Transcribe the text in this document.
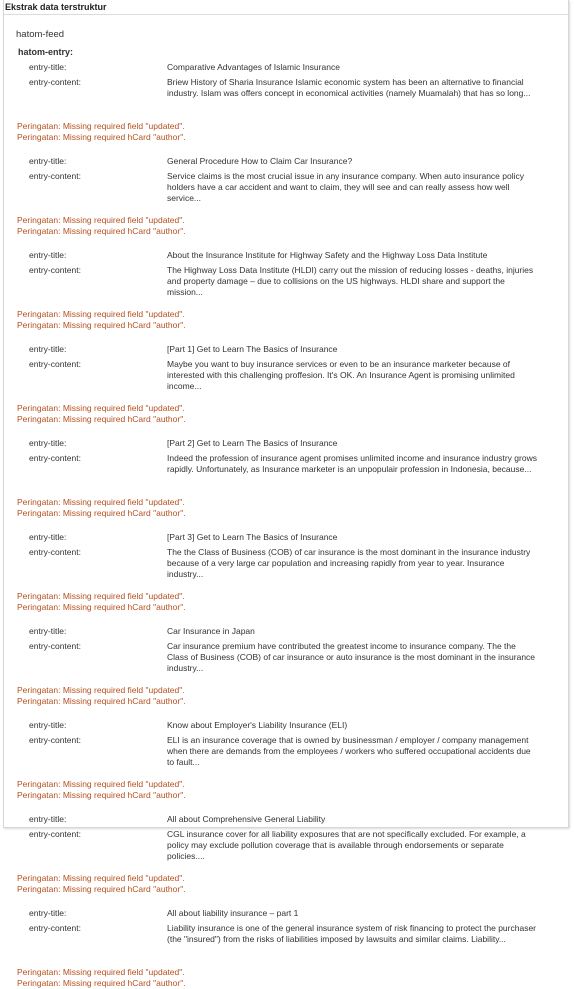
Ekstrak data terstruktur
hatom-feed
hatom-entry:
entry-title:	Comparative Advantages of Islamic Insurance
entry-content:	Briew History of Sharia Insurance Islamic economic system has been an alternative to financial industry. Islam was offers concept in economical activities (namely Muamalah) that has so long...
Peringatan: Missing required field "updated".
Peringatan: Missing required hCard "author".
entry-title:	General Procedure How to Claim Car Insurance?
entry-content:	Service claims is the most crucial issue in any insurance company. When auto insurance policy holders have a car accident and want to claim, they will see and can really assess how well service...
Peringatan: Missing required field "updated".
Peringatan: Missing required hCard "author".
entry-title:	About the Insurance Institute for Highway Safety and the Highway Loss Data Institute
entry-content:	The Highway Loss Data Institute (HLDI) carry out the mission of reducing losses - deaths, injuries and property damage – due to collisions on the US highways. HLDI share and support the mission...
Peringatan: Missing required field "updated".
Peringatan: Missing required hCard "author".
entry-title:	[Part 1] Get to Learn The Basics of Insurance
entry-content:	Maybe you want to buy insurance services or even to be an insurance marketer because of interested with this challenging proffesion. It's OK. An Insurance Agent is promising unlimited income...
Peringatan: Missing required field "updated".
Peringatan: Missing required hCard "author".
entry-title:	[Part 2] Get to Learn The Basics of Insurance
entry-content:	Indeed the profession of insurance agent promises unlimited income and insurance industry grows rapidly. Unfortunately, as Insurance marketer is an unpopulair profession in Indonesia, because...
Peringatan: Missing required field "updated".
Peringatan: Missing required hCard "author".
entry-title:	[Part 3] Get to Learn The Basics of Insurance
entry-content:	The the Class of Business (COB) of car insurance is the most dominant in the insurance industry because of a very large car population and increasing rapidly from year to year. Insurance industry...
Peringatan: Missing required field "updated".
Peringatan: Missing required hCard "author".
entry-title:	Car Insurance in Japan
entry-content:	Car insurance premium have contributed the greatest income to insurance company. The the Class of Business (COB) of car insurance or auto insurance is the most dominant in the insurance industry...
Peringatan: Missing required field "updated".
Peringatan: Missing required hCard "author".
entry-title:	Know about Employer's Liability Insurance (ELI)
entry-content:	ELI is an insurance coverage that is owned by businessman / employer / company management when there are demands from the employees / workers who suffered occupational accidents due to fault...
Peringatan: Missing required field "updated".
Peringatan: Missing required hCard "author".
entry-title:	All about Comprehensive General Liability
entry-content:	CGL insurance cover for all liability exposures that are not specifically excluded. For example, a policy may exclude pollution coverage that is available through endorsements or separate policies....
Peringatan: Missing required field "updated".
Peringatan: Missing required hCard "author".
entry-title:	All about liability insurance – part 1
entry-content:	Liability insurance is one of the general insurance system of risk financing to protect the purchaser (the "insured") from the risks of liabilities imposed by lawsuits and similar claims. Liability...
Peringatan: Missing required field "updated".
Peringatan: Missing required hCard "author".
